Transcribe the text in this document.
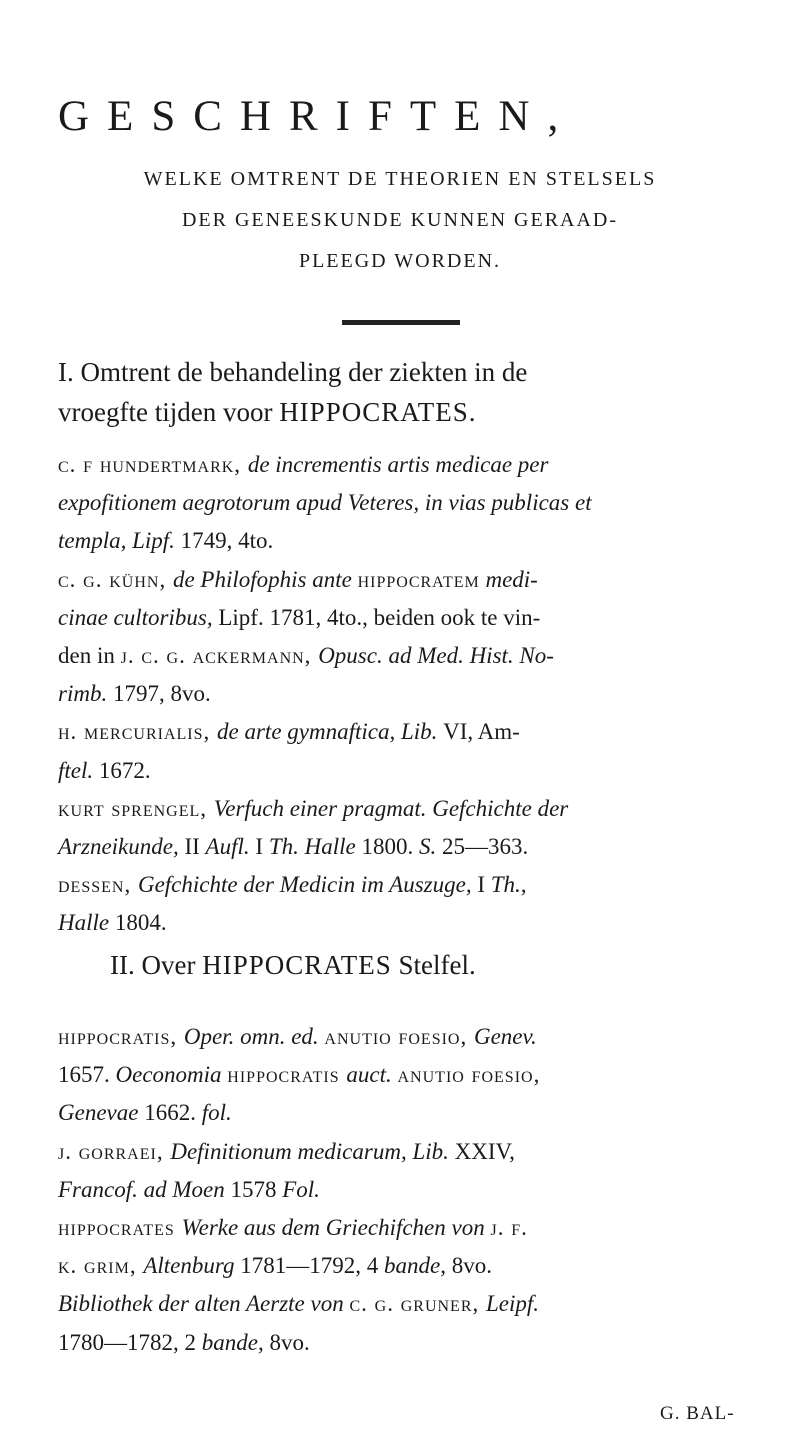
GESCHRIFTEN,
WELKE OMTRENT DE THEORIEN EN STELSELS
DER GENEESKUNDE KUNNEN GERAAD-
PLEEGD WORDEN.
I. Omtrent de behandeling der ziekten in de
vroegfte tijden voor HIPPOCRATES.
c. f hundertmark, de incrementis artis medicae per
expofitionem aegrotorum apud Veteres, in vias publicas et
templa, Lipf. 1749, 4to.
c. g. kühn, de Philofophis ante hippocratem medi-
cinae cultoribus, Lipf. 1781, 4to., beiden ook te vin-
den in j. c. g. ackermann, Opusc. ad Med. Hist. No-
rimb. 1797, 8vo.
h. mercurialis, de arte gymnaftica, Lib. VI, Am-
ftel. 1672.
kurt sprengel, Verfuch einer pragmat. Gefchichte der
Arzneikunde, II Aufl. I Th. Halle 1800. S. 25—363.
dessen, Gefchichte der Medicin im Auszuge, I Th.,
Halle 1804.
II. Over HIPPOCRATES Stelfel.
hippocratis, Oper. omn. ed. anutio foesio, Genev.
1657. Oeconomia hippocratis auct. anutio foesio,
Genevae 1662. fol.
j. gorraei, Definitionum medicarum, Lib. XXIV,
Francof. ad Moen 1578 Fol.
hippocrates Werke aus dem Griechifchen von j. f.
k. grim, Altenburg 1781—1792, 4 bande, 8vo.
Bibliothek der alten Aerzte von c. g. gruner, Leipf.
1780—1782, 2 bande, 8vo.
G. BAL-
